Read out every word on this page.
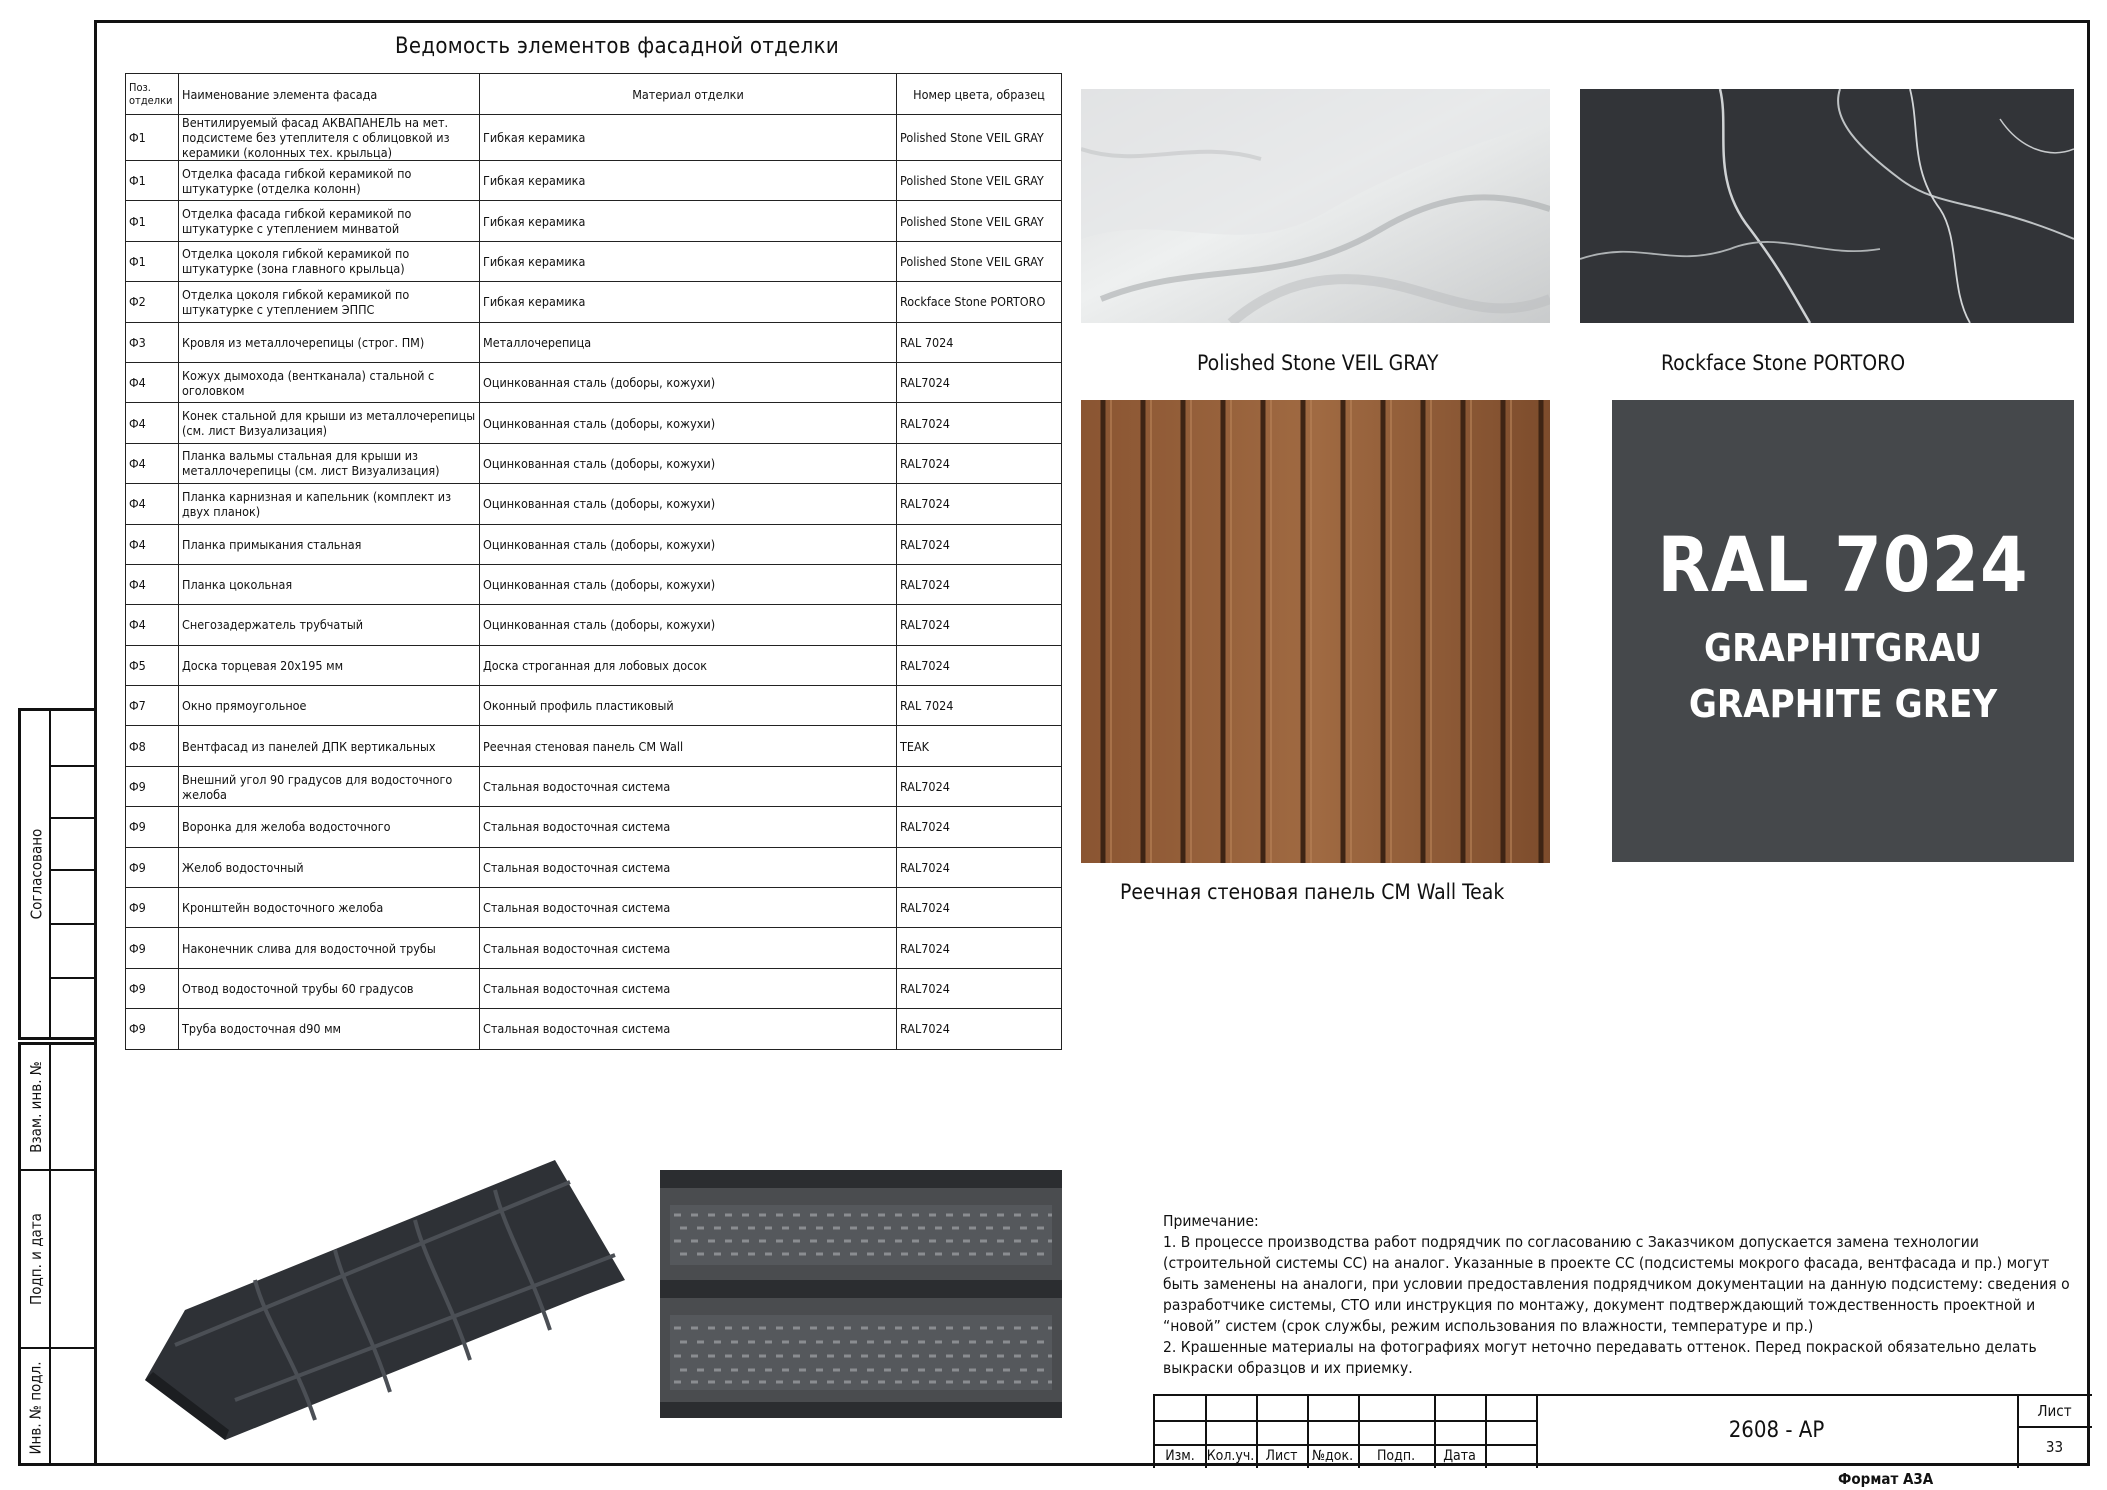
Согласовано
Взам. инв. №
Подп. и дата
Инв. № подл.
Ведомость элементов фасадной отделки
Поз. отделки	Наименование элемента фасада	Материал отделки	Номер цвета, образец
Ф1	Вентилируемый фасад АКВАПАНЕЛЬ на мет. подсистеме без утеплителя с облицовкой из керамики (колонных тех. крыльца)	Гибкая керамика	Polished Stone VEIL GRAY
Ф1	Отделка фасада гибкой керамикой по штукатурке (отделка колонн)	Гибкая керамика	Polished Stone VEIL GRAY
Ф1	Отделка фасада гибкой керамикой по штукатурке с утеплением минватой	Гибкая керамика	Polished Stone VEIL GRAY
Ф1	Отделка цоколя гибкой керамикой по штукатурке (зона главного крыльца)	Гибкая керамика	Polished Stone VEIL GRAY
Ф2	Отделка цоколя гибкой керамикой по штукатурке с утеплением ЭППС	Гибкая керамика	Rockface Stone PORTORO
Ф3	Кровля из металлочерепицы (строг. ПМ)	Металлочерепица	RAL 7024
Ф4	Кожух дымохода (вентканала) стальной с оголовком	Оцинкованная сталь (доборы, кожухи)	RAL7024
Ф4	Конек стальной для крыши из металлочерепицы (см. лист Визуализация)	Оцинкованная сталь (доборы, кожухи)	RAL7024
Ф4	Планка вальмы стальная для крыши из металлочерепицы (см. лист Визуализация)	Оцинкованная сталь (доборы, кожухи)	RAL7024
Ф4	Планка карнизная и капельник (комплект из двух планок)	Оцинкованная сталь (доборы, кожухи)	RAL7024
Ф4	Планка примыкания стальная	Оцинкованная сталь (доборы, кожухи)	RAL7024
Ф4	Планка цокольная	Оцинкованная сталь (доборы, кожухи)	RAL7024
Ф4	Снегозадержатель трубчатый	Оцинкованная сталь (доборы, кожухи)	RAL7024
Ф5	Доска торцевая 20х195 мм	Доска строганная для лобовых досок	RAL7024
Ф7	Окно прямоугольное	Оконный профиль пластиковый	RAL 7024
Ф8	Вентфасад из панелей ДПК вертикальных	Реечная стеновая панель СМ Wall	TEAK
Ф9	Внешний угол 90 градусов для водосточного желоба	Стальная водосточная система	RAL7024
Ф9	Воронка для желоба водосточного	Стальная водосточная система	RAL7024
Ф9	Желоб водосточный	Стальная водосточная система	RAL7024
Ф9	Кронштейн водосточного желоба	Стальная водосточная система	RAL7024
Ф9	Наконечник слива для водосточной трубы	Стальная водосточная система	RAL7024
Ф9	Отвод водосточной трубы 60 градусов	Стальная водосточная система	RAL7024
Ф9	Труба водосточная d90 мм	Стальная водосточная система	RAL7024
Polished Stone VEIL GRAY	Rockface Stone PORTORO
Реечная стеновая панель СМ Wall Teak
RAL 7024
GRAPHITGRAU
GRAPHITE GREY
Примечание:
1. В процессе производства работ подрядчик по согласованию с Заказчиком допускается замена технологии (строительной системы СС) на аналог. Указанные в проекте СС (подсистемы мокрого фасада, вентфасада и пр.) могут быть заменены на аналоги, при условии предоставления подрядчиком документации на данную подсистему: сведения о разработчике системы, СТО или инструкция по монтажу, документ подтверждающий тождественность проектной и “новой” систем (срок службы, режим использования по влажности, температуре и пр.)
2. Крашенные материалы на фотографиях могут неточно передавать оттенок. Перед покраской обязательно делать выкраски образцов и их приемку.
Изм. Кол.уч. Лист	№док.	Подп.	Дата
2608 - АР
Лист
33
Формат А3А
